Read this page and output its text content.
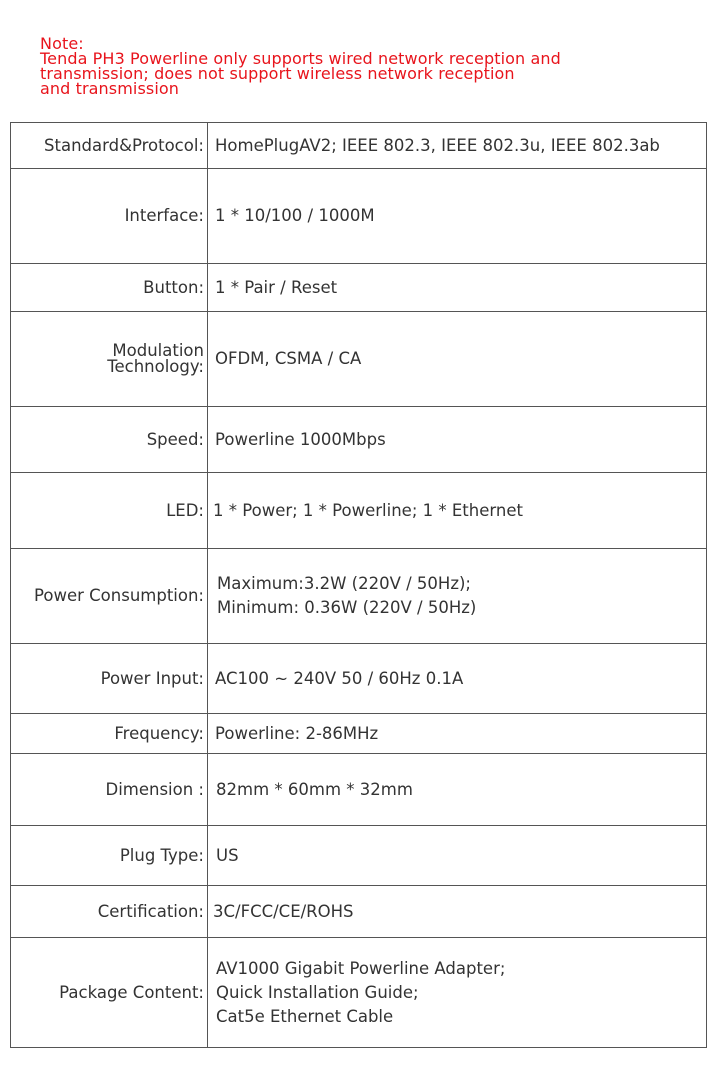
Note:
Tenda PH3 Powerline only supports wired network reception and
transmission; does not support wireless network reception
and transmission
Standard&Protocol: HomePlugAV2; IEEE 802.3, IEEE 802.3u, IEEE 802.3ab
Interface: 1 * 10/100 / 1000M
Button: 1 * Pair / Reset
Modulation
Technology: OFDM, CSMA / CA
Speed: Powerline 1000Mbps
LED: 1 * Power; 1 * Powerline; 1 * Ethernet
Power Consumption:
Maximum:3.2W (220V / 50Hz);
Minimum: 0.36W (220V / 50Hz)
Power Input: AC100 ∼ 240V 50 / 60Hz 0.1A
Frequency: Powerline: 2-86MHz
Dimension : 82mm * 60mm * 32mm
Plug Type: US
Certification: 3C/FCC/CE/ROHS
Package Content:
AV1000 Gigabit Powerline Adapter;
Quick Installation Guide;
Cat5e Ethernet Cable
